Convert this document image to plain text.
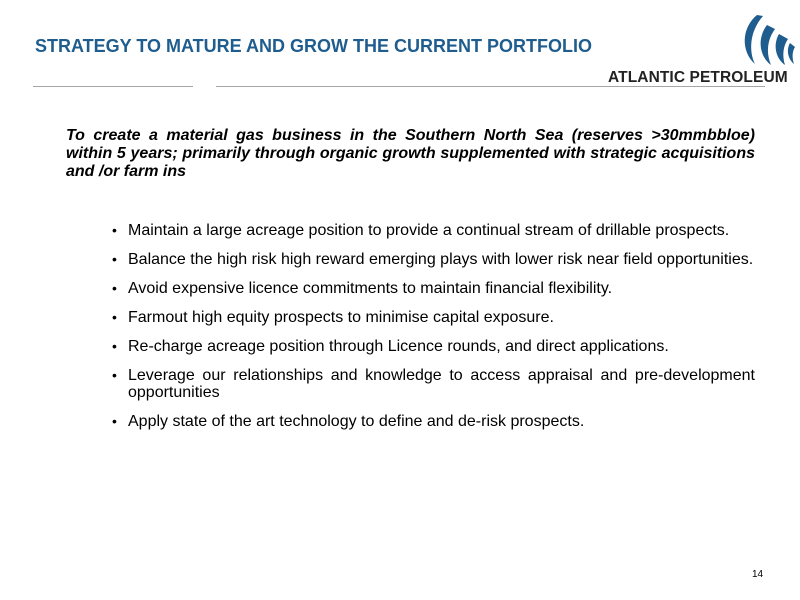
STRATEGY TO MATURE AND GROW THE CURRENT PORTFOLIO
ATLANTIC PETROLEUM

To create a material gas business in the Southern North Sea (reserves >30mmbbloe) within 5 years; primarily through organic growth supplemented with strategic acquisitions and /or farm ins

• Maintain a large acreage position to provide a continual stream of drillable prospects.
• Balance the high risk high reward emerging plays with lower risk near field opportunities.
• Avoid expensive licence commitments to maintain financial flexibility.
• Farmout high equity prospects to minimise capital exposure.
• Re-charge acreage position through Licence rounds, and direct applications.
• Leverage our relationships and knowledge to access appraisal and pre-development opportunities
• Apply state of the art technology to define and de-risk prospects.
14
